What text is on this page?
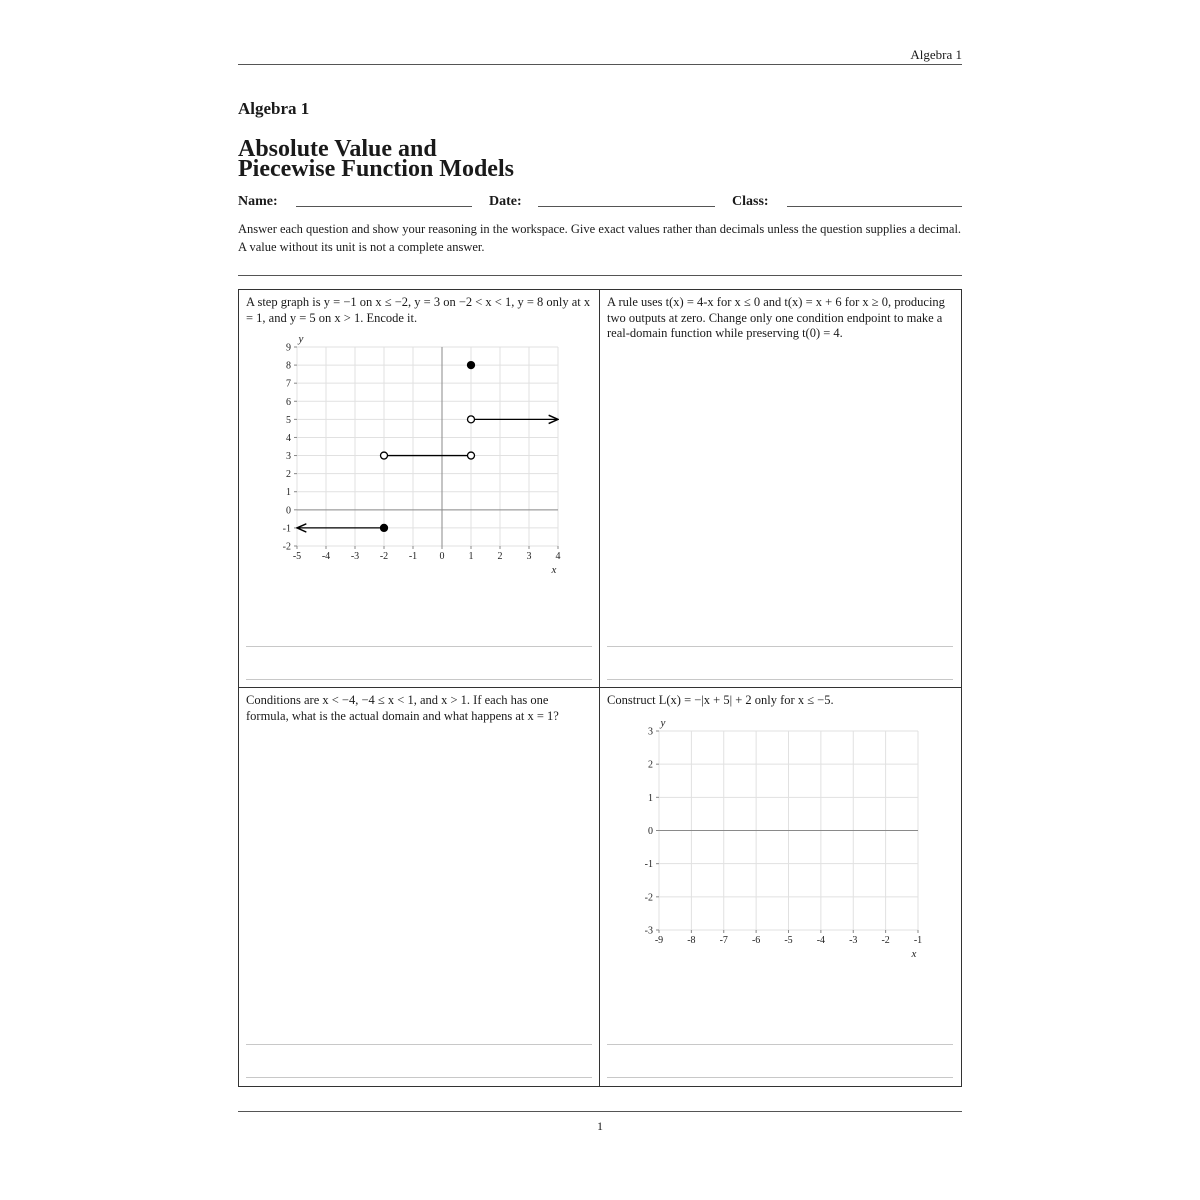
Algebra 1
Algebra 1
Absolute Value and
Piecewise Function Models
Name:	Date:	Class:
Answer each question and show your reasoning in the workspace. Give exact values rather than decimals unless the question supplies a decimal. A value without its unit is not a complete answer.
A step graph is y = −1 on x ≤ −2, y = 3 on −2 < x < 1, y = 8 only at x = 1, and y = 5 on x > 1. Encode it.
-5 -4 -3 -2 -1 0 1 2 3 4
9
8
7
6
5
4
3
2
1
0
-1
-2
x
y
A rule uses t(x) = 4-x for x ≤ 0 and t(x) = x + 6 for x ≥ 0, producing two outputs at zero. Change only one condition endpoint to make a real-domain function while preserving t(0) = 4.
Conditions are x < −4, −4 ≤ x < 1, and x > 1. If each has one formula, what is the actual domain and what happens at x = 1?
Construct L(x) = −|x + 5| + 2 only for x ≤ −5.
-9 -8 -7 -6 -5 -4 -3 -2 -1
3
2
1
0
-1
-2
-3
x
y
1
